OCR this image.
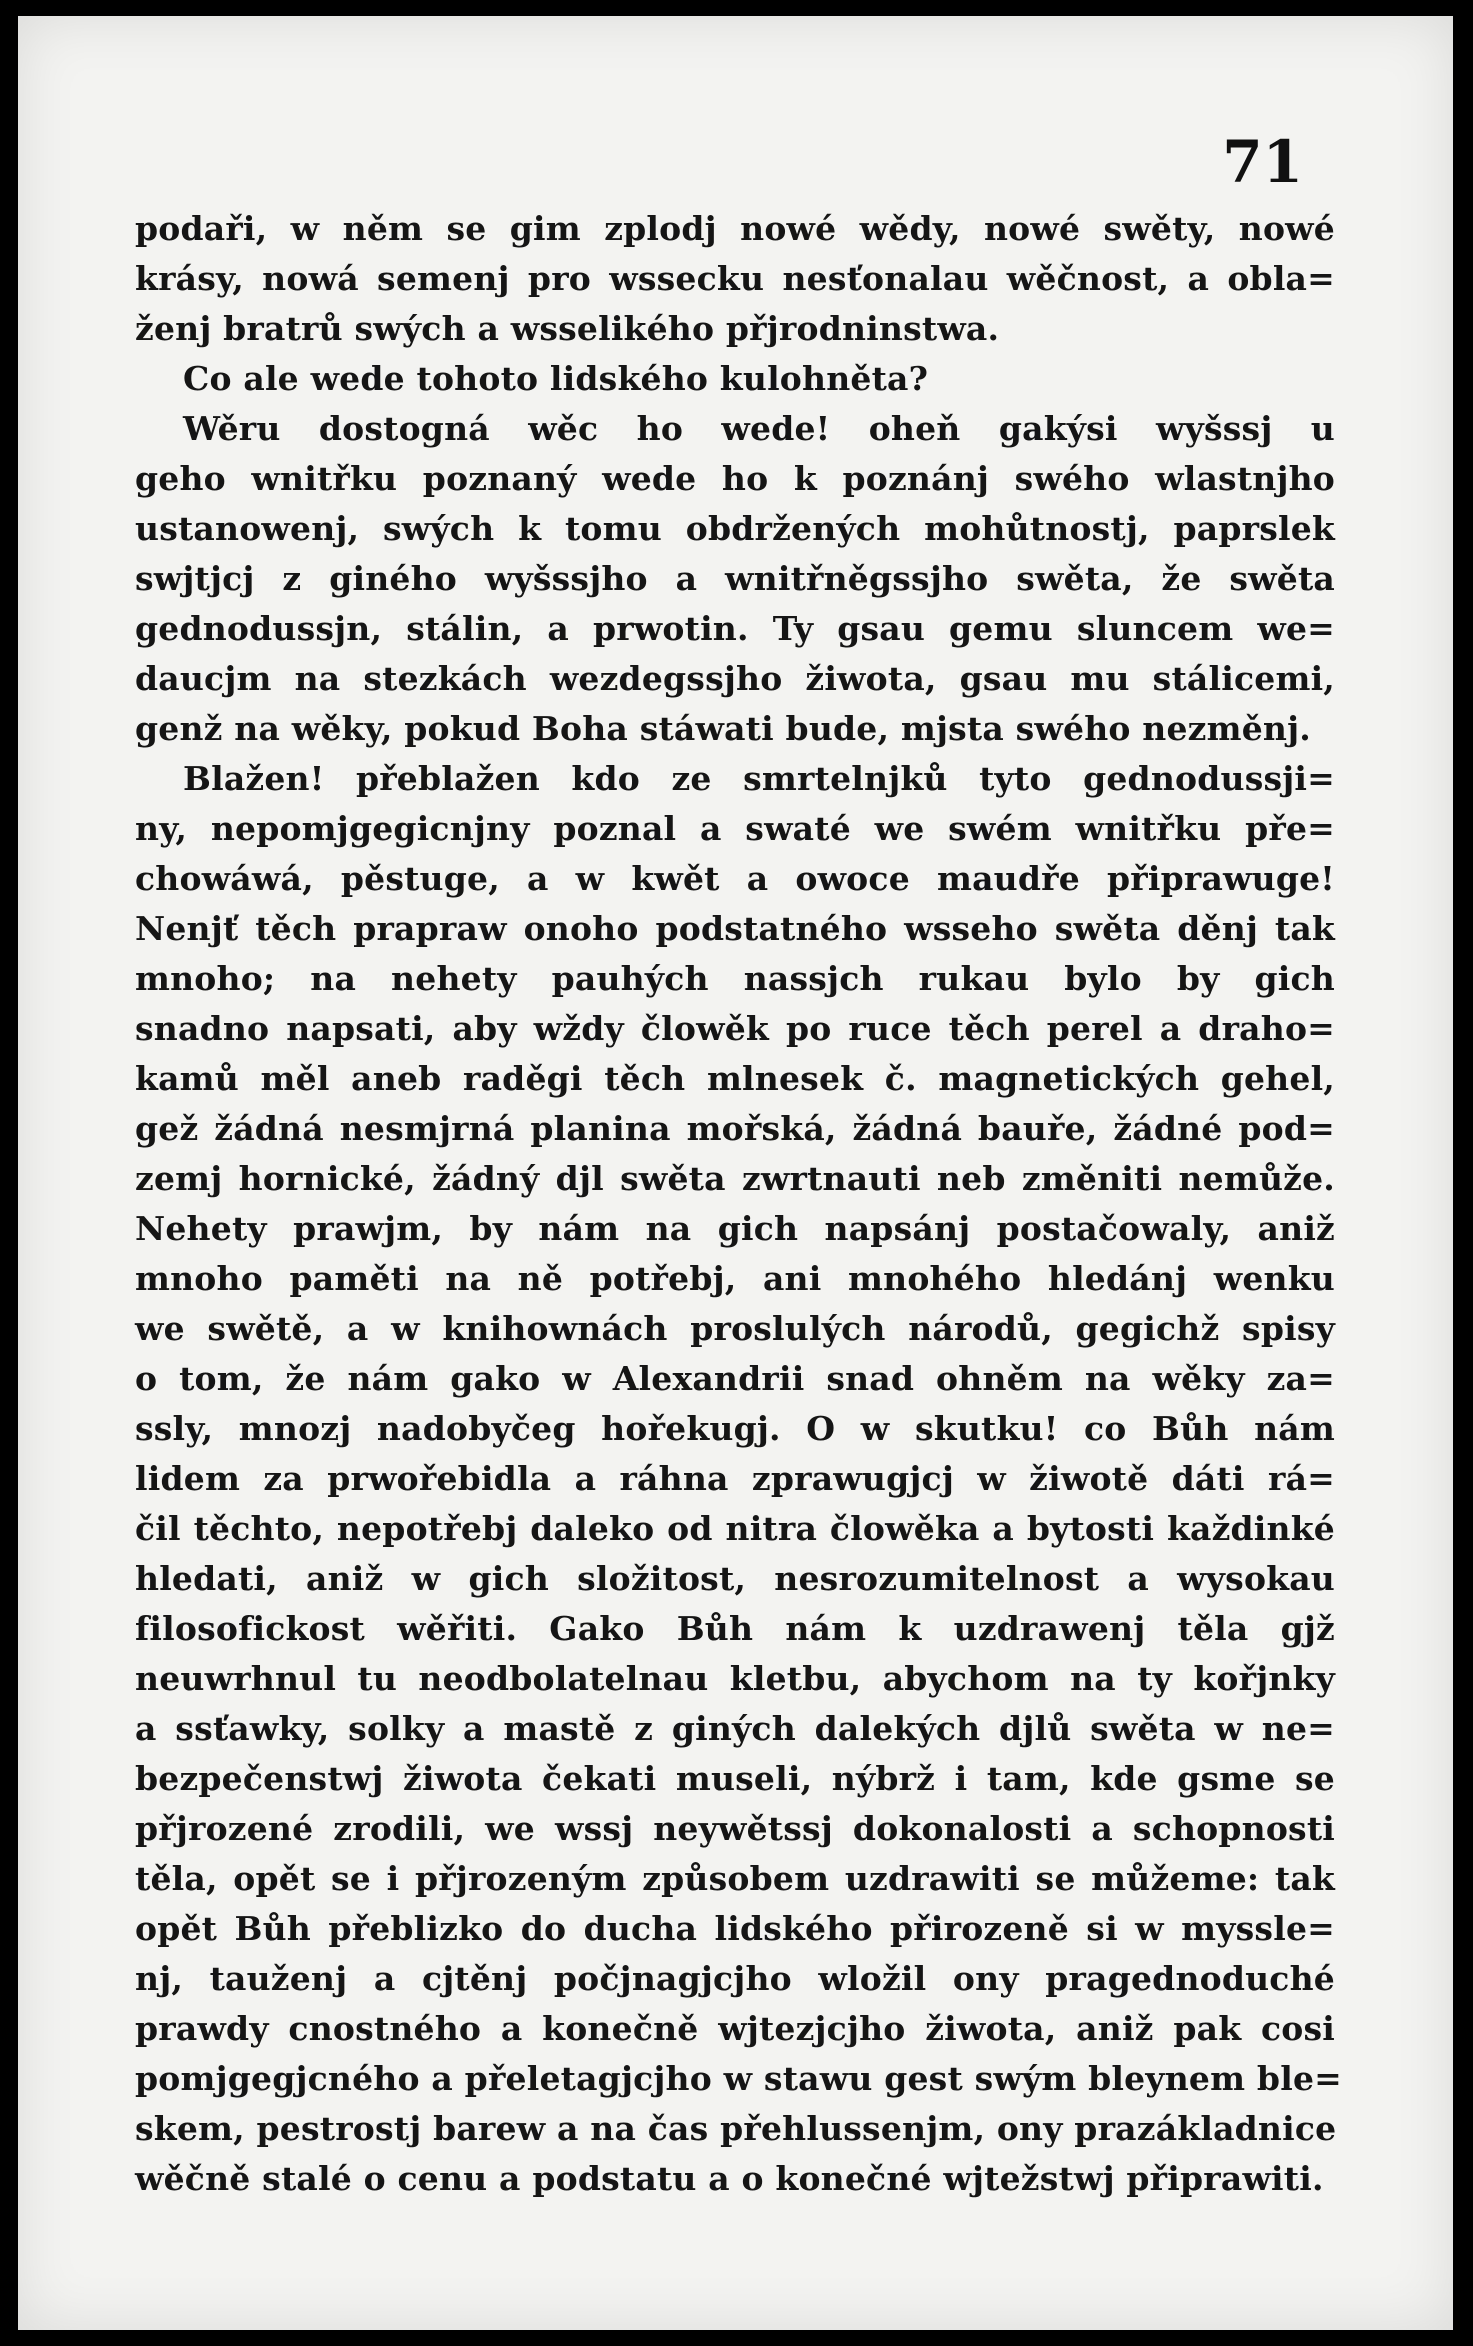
71
podaři, w něm se gim zplodj nowé wědy, nowé swěty, nowé
krásy, nowá semenj pro wssecku nesťonalau wěčnost, a obla=
ženj bratrů swých a wsselikého přjrodninstwa.
Co ale wede tohoto lidského kulohněta?
Wěru dostogná wěc ho wede! oheň gakýsi wyšssj u
geho wnitřku poznaný wede ho k poznánj swého wlastnjho
ustanowenj, swých k tomu obdržených mohůtnostj, paprslek
swjtjcj z giného wyšssjho a wnitřněgssjho swěta, že swěta
gednodussjn, stálin, a prwotin. Ty gsau gemu sluncem we=
daucjm na stezkách wezdegssjho žiwota, gsau mu stálicemi,
genž na wěky, pokud Boha stáwati bude, mjsta swého nezměnj.
Blažen! přeblažen kdo ze smrtelnjků tyto gednodussji=
ny, nepomjgegicnjny poznal a swaté we swém wnitřku pře=
chowáwá, pěstuge, a w kwět a owoce maudře připrawuge!
Nenjť těch prapraw onoho podstatného wsseho swěta děnj tak
mnoho; na nehety pauhých nassjch rukau bylo by gich
snadno napsati, aby wždy člowěk po ruce těch perel a draho=
kamů měl aneb raděgi těch mlnesek č. magnetických gehel,
gež žádná nesmjrná planina mořská, žádná bauře, žádné pod=
zemj hornické, žádný djl swěta zwrtnauti neb změniti nemůže.
Nehety prawjm, by nám na gich napsánj postačowaly, aniž
mnoho paměti na ně potřebj, ani mnohého hledánj wenku
we swětě, a w knihownách proslulých národů, gegichž spisy
o tom, že nám gako w Alexandrii snad ohněm na wěky za=
ssly, mnozj nadobyčeg hořekugj. O w skutku! co Bůh nám
lidem za prwořebidla a ráhna zprawugjcj w žiwotě dáti rá=
čil těchto, nepotřebj daleko od nitra člowěka a bytosti každinké
hledati, aniž w gich složitost, nesrozumitelnost a wysokau
filosofickost wěřiti. Gako Bůh nám k uzdrawenj těla gjž
neuwrhnul tu neodbolatelnau kletbu, abychom na ty kořjnky
a ssťawky, solky a mastě z giných dalekých djlů swěta w ne=
bezpečenstwj žiwota čekati museli, nýbrž i tam, kde gsme se
přjrozené zrodili, we wssj neywětssj dokonalosti a schopnosti
těla, opět se i přjrozeným způsobem uzdrawiti se můžeme: tak
opět Bůh přeblizko do ducha lidského přirozeně si w myssle=
nj, tauženj a cjtěnj počjnagjcjho wložil ony pragednoduché
prawdy cnostného a konečně wjtezjcjho žiwota, aniž pak cosi
pomjgegjcného a přeletagjcjho w stawu gest swým bleynem ble=
skem, pestrostj barew a na čas přehlussenjm, ony prazákladnice
wěčně stalé o cenu a podstatu a o konečné wjtežstwj připrawiti.
